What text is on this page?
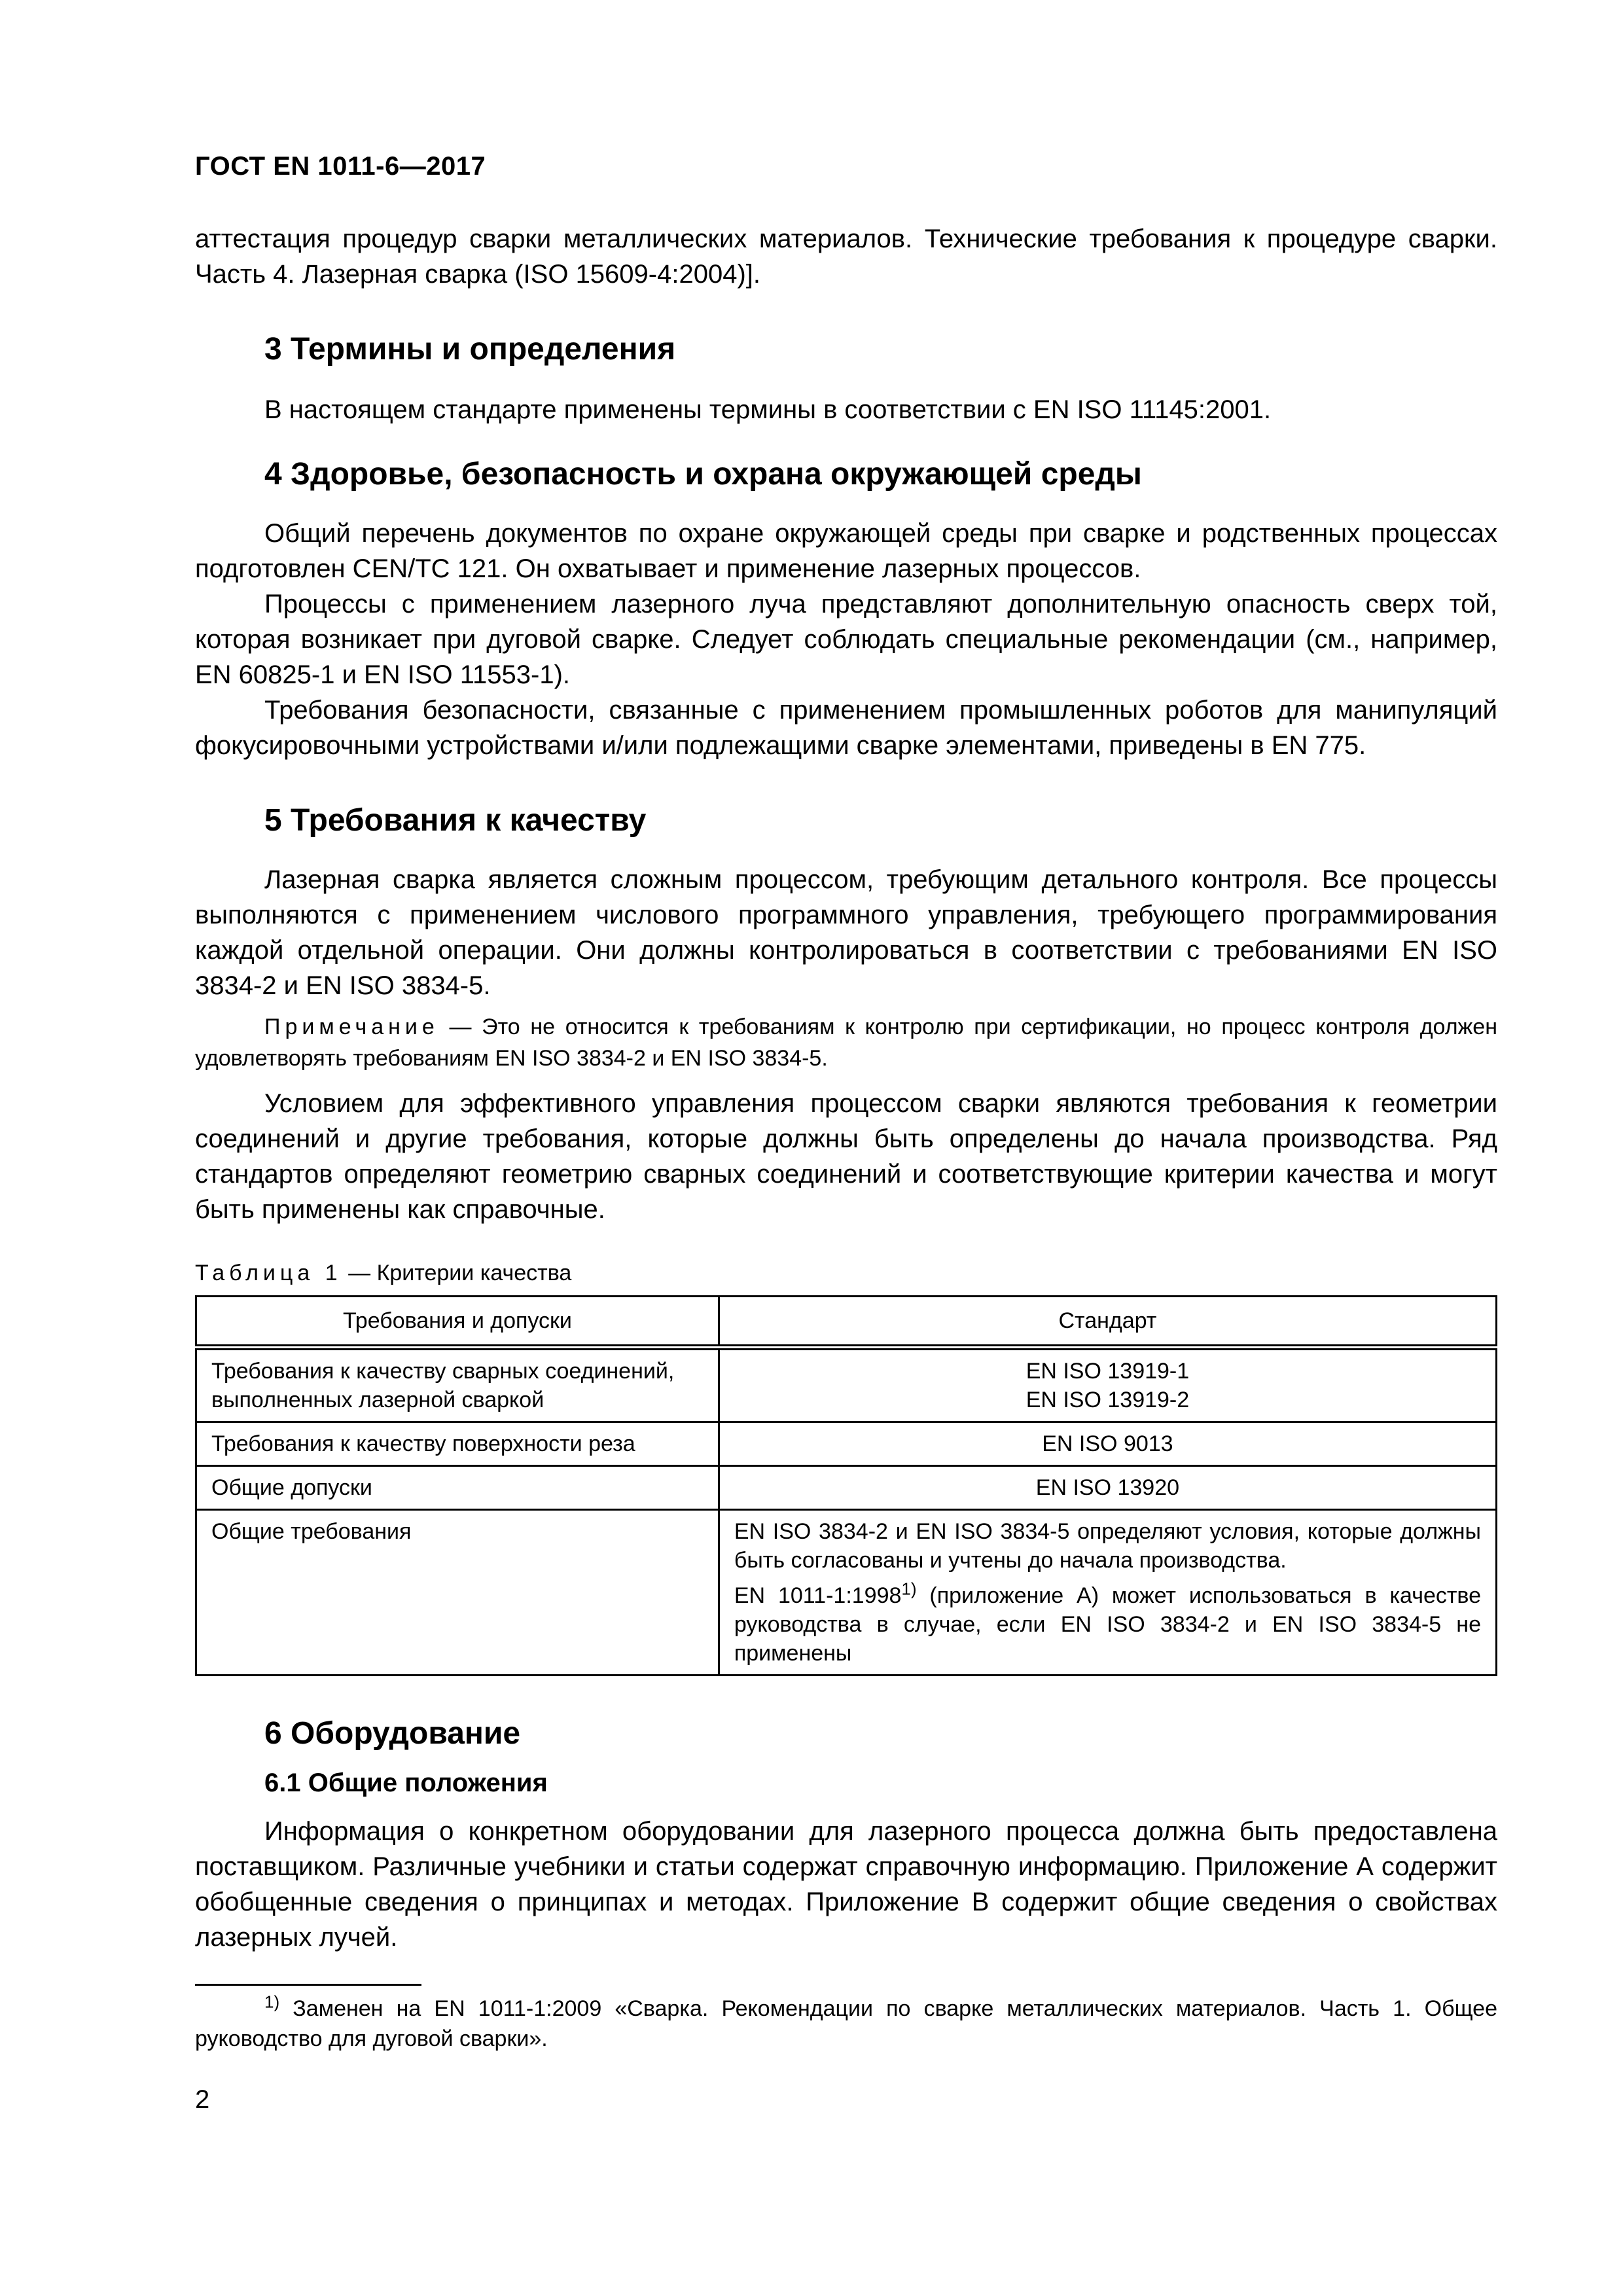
ГОСТ EN 1011-6—2017

аттестация процедур сварки металлических материалов. Технические требования к процедуре сварки. Часть 4. Лазерная сварка (ISO 15609-4:2004)].

3 Термины и определения

В настоящем стандарте применены термины в соответствии с EN ISO 11145:2001.

4 Здоровье, безопасность и охрана окружающей среды

Общий перечень документов по охране окружающей среды при сварке и родственных процессах подготовлен CEN/TC 121. Он охватывает и применение лазерных процессов.

Процессы с применением лазерного луча представляют дополнительную опасность сверх той, которая возникает при дуговой сварке. Следует соблюдать специальные рекомендации (см., например, EN 60825-1 и EN ISO 11553-1).

Требования безопасности, связанные с применением промышленных роботов для манипуляций фокусировочными устройствами и/или подлежащими сварке элементами, приведены в EN 775.

5 Требования к качеству

Лазерная сварка является сложным процессом, требующим детального контроля. Все процессы выполняются с применением числового программного управления, требующего программирования каждой отдельной операции. Они должны контролироваться в соответствии с требованиями EN ISO 3834-2 и EN ISO 3834-5.

Примечание — Это не относится к требованиям к контролю при сертификации, но процесс контроля должен удовлетворять требованиям EN ISO 3834-2 и EN ISO 3834-5.

Условием для эффективного управления процессом сварки являются требования к геометрии соединений и другие требования, которые должны быть определены до начала производства. Ряд стандартов определяют геометрию сварных соединений и соответствующие критерии качества и могут быть применены как справочные.

Таблица 1 — Критерии качества

Требования и допуски	Стандарт
Требования к качеству сварных соединений, выполненных лазерной сваркой	EN ISO 13919-1
EN ISO 13919-2

Требования к качеству поверхности реза	EN ISO 9013
Общие допуски	EN ISO 13920
Общие требования	EN ISO 3834-2 и EN ISO 3834-5 определяют условия, которые должны быть согласованы и учтены до начала производства.
EN 1011-1:1998$^{1)}$ (приложение А) может использоваться в качестве руководства в случае, если EN ISO 3834-2 и EN ISO 3834-5 не применены
6 Оборудование
6.1 Общие положения

Информация о конкретном оборудовании для лазерного процесса должна быть предоставлена поставщиком. Различные учебники и статьи содержат справочную информацию. Приложение А содержит обобщенные сведения о принципах и методах. Приложение В содержит общие сведения о свойствах лазерных лучей.

$^{1)}$ Заменен на EN 1011-1:2009 «Сварка. Рекомендации по сварке металлических материалов. Часть 1. Общее руководство для дуговой сварки».

2
